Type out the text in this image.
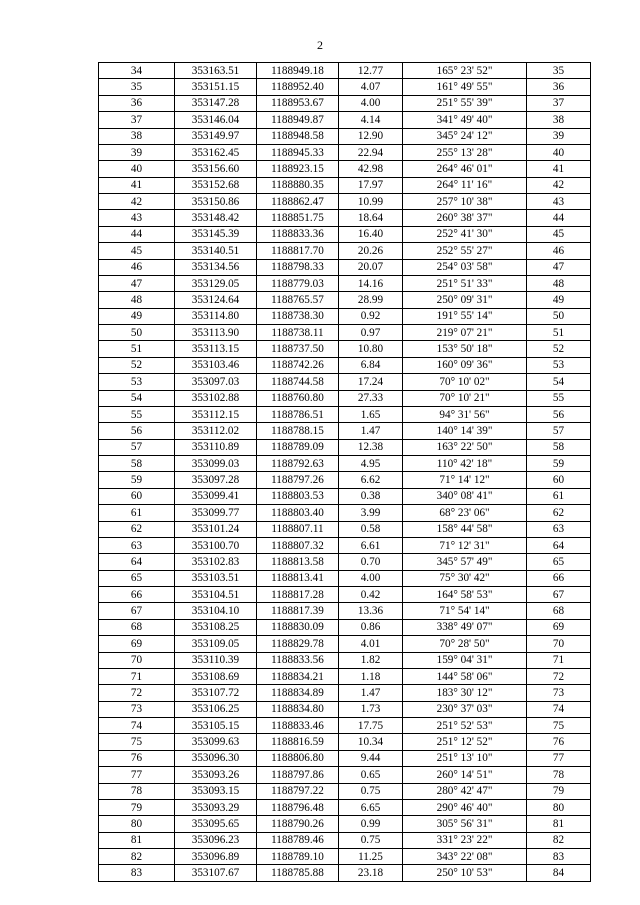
2
34	353163.51	1188949.18	12.77	165° 23' 52"	35
35	353151.15	1188952.40	4.07	161° 49' 55"	36
36	353147.28	1188953.67	4.00	251° 55' 39"	37
37	353146.04	1188949.87	4.14	341° 49' 40"	38
38	353149.97	1188948.58	12.90	345° 24' 12"	39
39	353162.45	1188945.33	22.94	255° 13' 28"	40
40	353156.60	1188923.15	42.98	264° 46' 01"	41
41	353152.68	1188880.35	17.97	264° 11' 16"	42
42	353150.86	1188862.47	10.99	257° 10' 38"	43
43	353148.42	1188851.75	18.64	260° 38' 37"	44
44	353145.39	1188833.36	16.40	252° 41' 30"	45
45	353140.51	1188817.70	20.26	252° 55' 27"	46
46	353134.56	1188798.33	20.07	254° 03' 58"	47
47	353129.05	1188779.03	14.16	251° 51' 33"	48
48	353124.64	1188765.57	28.99	250° 09' 31"	49
49	353114.80	1188738.30	0.92	191° 55' 14"	50
50	353113.90	1188738.11	0.97	219° 07' 21"	51
51	353113.15	1188737.50	10.80	153° 50' 18"	52
52	353103.46	1188742.26	6.84	160° 09' 36"	53
53	353097.03	1188744.58	17.24	70° 10' 02"	54
54	353102.88	1188760.80	27.33	70° 10' 21"	55
55	353112.15	1188786.51	1.65	94° 31' 56"	56
56	353112.02	1188788.15	1.47	140° 14' 39"	57
57	353110.89	1188789.09	12.38	163° 22' 50"	58
58	353099.03	1188792.63	4.95	110° 42' 18"	59
59	353097.28	1188797.26	6.62	71° 14' 12"	60
60	353099.41	1188803.53	0.38	340° 08' 41"	61
61	353099.77	1188803.40	3.99	68° 23' 06"	62
62	353101.24	1188807.11	0.58	158° 44' 58"	63
63	353100.70	1188807.32	6.61	71° 12' 31"	64
64	353102.83	1188813.58	0.70	345° 57' 49"	65
65	353103.51	1188813.41	4.00	75° 30' 42"	66
66	353104.51	1188817.28	0.42	164° 58' 53"	67
67	353104.10	1188817.39	13.36	71° 54' 14"	68
68	353108.25	1188830.09	0.86	338° 49' 07"	69
69	353109.05	1188829.78	4.01	70° 28' 50"	70
70	353110.39	1188833.56	1.82	159° 04' 31"	71
71	353108.69	1188834.21	1.18	144° 58' 06"	72
72	353107.72	1188834.89	1.47	183° 30' 12"	73
73	353106.25	1188834.80	1.73	230° 37' 03"	74
74	353105.15	1188833.46	17.75	251° 52' 53"	75
75	353099.63	1188816.59	10.34	251° 12' 52"	76
76	353096.30	1188806.80	9.44	251° 13' 10"	77
77	353093.26	1188797.86	0.65	260° 14' 51"	78
78	353093.15	1188797.22	0.75	280° 42' 47"	79
79	353093.29	1188796.48	6.65	290° 46' 40"	80
80	353095.65	1188790.26	0.99	305° 56' 31"	81
81	353096.23	1188789.46	0.75	331° 23' 22"	82
82	353096.89	1188789.10	11.25	343° 22' 08"	83
83	353107.67	1188785.88	23.18	250° 10' 53"	84
